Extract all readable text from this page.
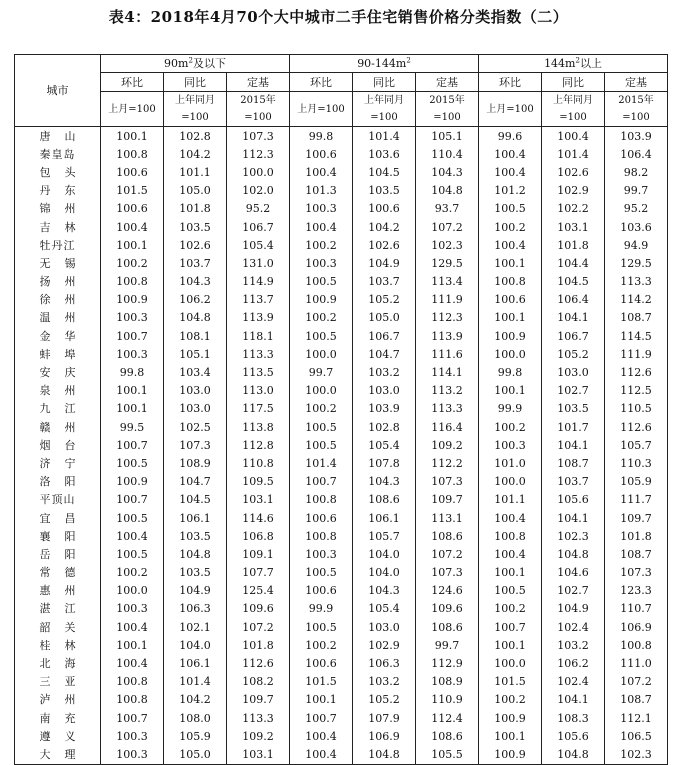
表4：2018年4月70个大中城市二手住宅销售价格分类指数（二）
城市	$90m^2$及以下			$90-144m^2$			$144m^2$以上		
	环比	同比	定基	环比	同比	定基	环比	同比	定基
	上月=100	上年同月=100	2015年=100	上月=100	上年同月=100	2015年=100	上月=100	上年同月=100	2015年=100
唐山	100.1	102.8	107.3	99.8	101.4	105.1	99.6	100.4	103.9
秦皇岛	100.8	104.2	112.3	100.6	103.6	110.4	100.4	101.4	106.4
包头	100.6	101.1	100.0	100.4	104.5	104.3	100.4	102.6	98.2
丹东	101.5	105.0	102.0	101.3	103.5	104.8	101.2	102.9	99.7
锦州	100.6	101.8	95.2	100.3	100.6	93.7	100.5	102.2	95.2
吉林	100.4	103.5	106.7	100.4	104.2	107.2	100.2	103.1	103.6
牡丹江	100.1	102.6	105.4	100.2	102.6	102.3	100.4	101.8	94.9
无锡	100.2	103.7	131.0	100.3	104.9	129.5	100.1	104.4	129.5
扬州	100.8	104.3	114.9	100.5	103.7	113.4	100.8	104.5	113.3
徐州	100.9	106.2	113.7	100.9	105.2	111.9	100.6	106.4	114.2
温州	100.3	104.8	113.9	100.2	105.0	112.3	100.1	104.1	108.7
金华	100.7	108.1	118.1	100.5	106.7	113.9	100.9	106.7	114.5
蚌埠	100.3	105.1	113.3	100.0	104.7	111.6	100.0	105.2	111.9
安庆	99.8	103.4	113.5	99.7	103.2	114.1	99.8	103.0	112.6
泉州	100.1	103.0	113.0	100.0	103.0	113.2	100.1	102.7	112.5
九江	100.1	103.0	117.5	100.2	103.9	113.3	99.9	103.5	110.5
赣州	99.5	102.5	113.8	100.5	102.8	116.4	100.2	101.7	112.6
烟台	100.7	107.3	112.8	100.5	105.4	109.2	100.3	104.1	105.7
济宁	100.5	108.9	110.8	101.4	107.8	112.2	101.0	108.7	110.3
洛阳	100.9	104.7	109.5	100.7	104.3	107.3	100.0	103.7	105.9
平顶山	100.7	104.5	103.1	100.8	108.6	109.7	101.1	105.6	111.7
宜昌	100.5	106.1	114.6	100.6	106.1	113.1	100.4	104.1	109.7
襄阳	100.4	103.5	106.8	100.8	105.7	108.6	100.8	102.3	101.8
岳阳	100.5	104.8	109.1	100.3	104.0	107.2	100.4	104.8	108.7
常德	100.2	103.5	107.7	100.5	104.0	107.3	100.1	104.6	107.3
惠州	100.0	104.9	125.4	100.6	104.3	124.6	100.5	102.7	123.3
湛江	100.3	106.3	109.6	99.9	105.4	109.6	100.2	104.9	110.7
韶关	100.4	102.1	107.2	100.5	103.0	108.6	100.7	102.4	106.9
桂林	100.1	104.0	101.8	100.2	102.9	99.7	100.1	103.2	100.8
北海	100.4	106.1	112.6	100.6	106.3	112.9	100.0	106.2	111.0
三亚	100.8	101.4	108.2	101.5	103.2	108.9	101.5	102.4	107.2
泸州	100.8	104.2	109.7	100.1	105.2	110.9	100.2	104.1	108.7
南充	100.7	108.0	113.3	100.7	107.9	112.4	100.9	108.3	112.1
遵义	100.3	105.9	109.2	100.4	106.9	108.6	100.1	105.6	106.5
大理	100.3	105.0	103.1	100.4	104.8	105.5	100.9	104.8	102.3
